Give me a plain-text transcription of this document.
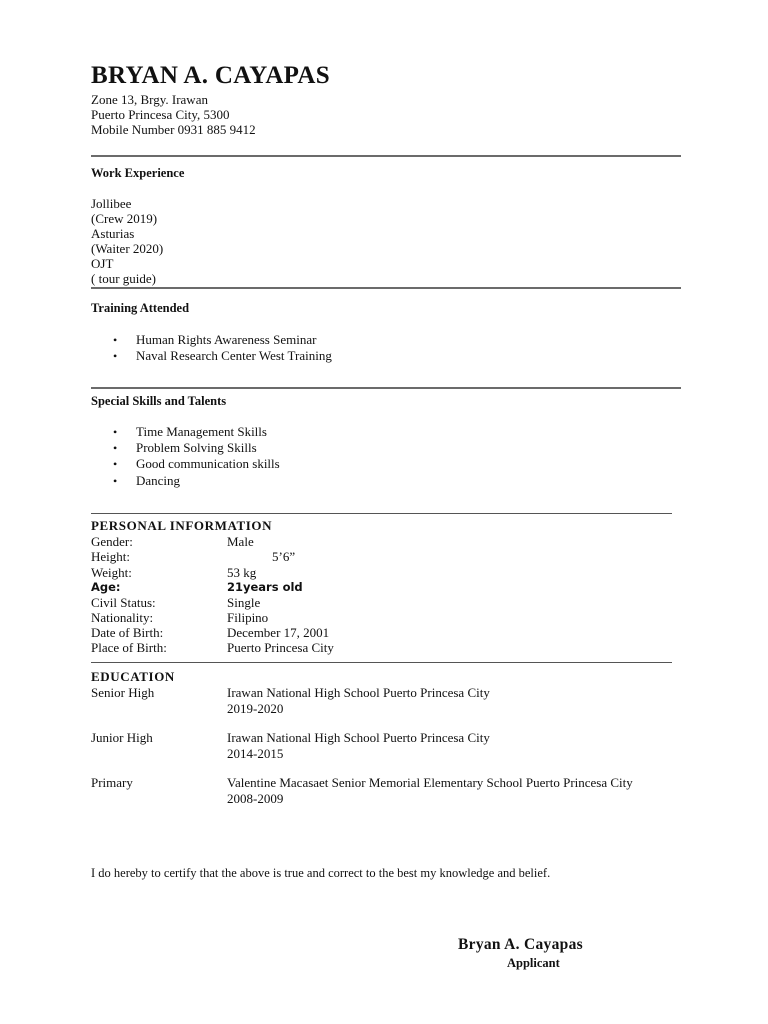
BRYAN A. CAYAPAS
Zone 13, Brgy. Irawan
Puerto Princesa City, 5300
Mobile Number 0931 885 9412
Work Experience
Jollibee
(Crew 2019)
Asturias
(Waiter 2020)
OJT
( tour guide)
Training Attended
• Human Rights Awareness Seminar
• Naval Research Center West Training
Special Skills and Talents
• Time Management Skills
• Problem Solving Skills
• Good communication skills
• Dancing
PERSONAL INFORMATION
Gender:	Male
Height:	5’6”
Weight:	53 kg
Age:	21years old
Civil Status:	Single
Nationality:	Filipino
Date of Birth:	December 17, 2001
Place of Birth:	Puerto Princesa City
EDUCATION
Senior High	Irawan National High School Puerto Princesa City
2019-2020
Junior High	Irawan National High School Puerto Princesa City
2014-2015
Primary	Valentine Macasaet Senior Memorial Elementary School Puerto Princesa City
2008-2009
I do hereby to certify that the above is true and correct to the best my knowledge and belief.
Bryan A. Cayapas
Applicant
